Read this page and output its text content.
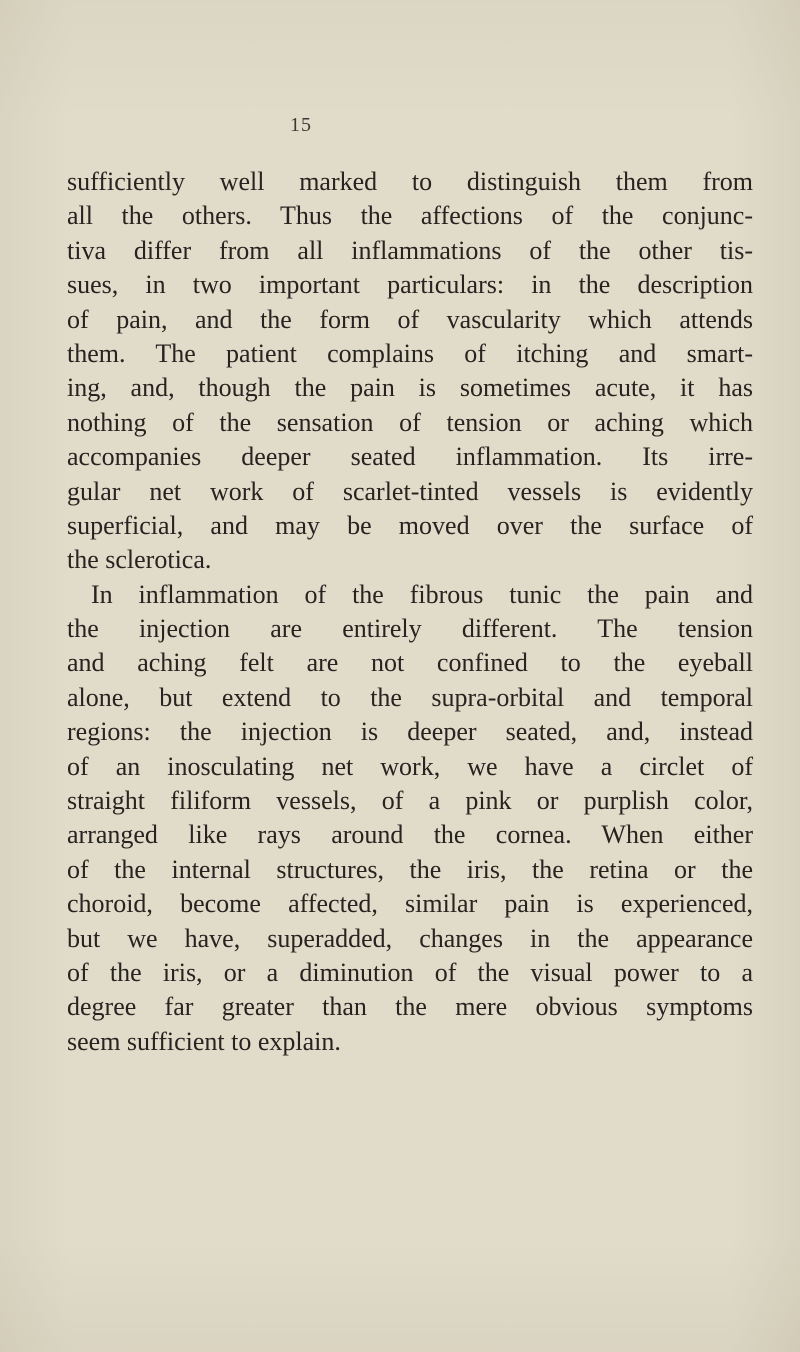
15
sufficiently well marked to distinguish them from
all the others. Thus the affections of the conjunc-
tiva differ from all inflammations of the other tis-
sues, in two important particulars: in the description
of pain, and the form of vascularity which attends
them. The patient complains of itching and smart-
ing, and, though the pain is sometimes acute, it has
nothing of the sensation of tension or aching which
accompanies deeper seated inflammation. Its irre-
gular net work of scarlet-tinted vessels is evidently
superficial, and may be moved over the surface of
the sclerotica.
In inflammation of the fibrous tunic the pain and
the injection are entirely different. The tension
and aching felt are not confined to the eyeball
alone, but extend to the supra-orbital and temporal
regions: the injection is deeper seated, and, instead
of an inosculating net work, we have a circlet of
straight filiform vessels, of a pink or purplish color,
arranged like rays around the cornea. When either
of the internal structures, the iris, the retina or the
choroid, become affected, similar pain is experienced,
but we have, superadded, changes in the appearance
of the iris, or a diminution of the visual power to a
degree far greater than the mere obvious symptoms
seem sufficient to explain.
